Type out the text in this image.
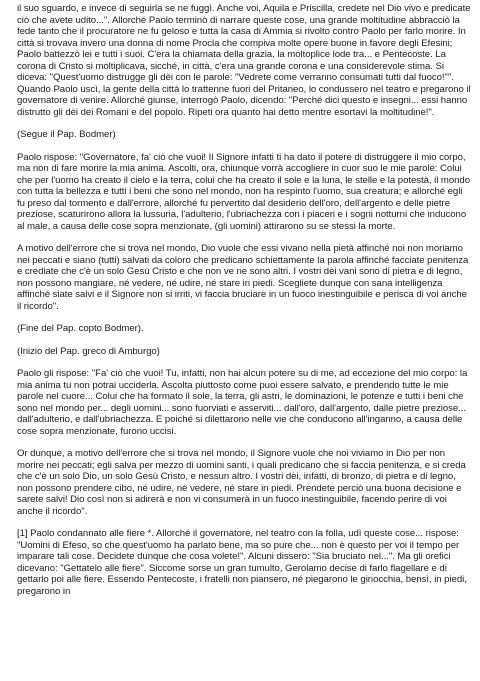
il suo sguardo, e invece di seguirla se ne fuggì. Anche voi, Aquila e Priscilla, credete nel Dio vivo e predicate ciò che avete udito...". Allorché Paolo terminò di narrare queste cose, una grande moltitudine abbracciò la fede tanto che il procuratore ne fu geloso e tutta la casa di Ammia si rivolto contro Paolo per farlo morire. In città si trovava invero una donna di nome Procla che compiva molte opere buone in favore degli Efesini; Paolo battezzò lei e tutti i suoi. C'era la chiamata della grazia, la moltoplice lode tra... e Pentecoste. La corona di Cristo si moltiplicava, sicché, in città, c'era una grande corona e una considerevole stima. Si diceva: "Quest'uomo distrugge gli dèi con le parole: "Vedrete come verranno consumati tutti dal fuoco!"". Quando Paolo uscì, la gente della città lo trattenne fuori del Pritaneo, lo condussero nel teatro e pregarono il governatore di venire. Allorché giunse, interrogò Paolo, dicendo: "Perché dici questo e insegni... essi hanno distrutto gli dèi dei Romani e del popolo. Ripeti ora quanto hai detto mentre esortavi la moltitudine!".

(Segue il Pap. Bodmer)

Paolo rispose: "Governatore, fa' ciò che vuoi! Il Signore infatti ti ha dato il potere di distruggere il mio corpo, ma non di fare morire la mia anima. Ascolti, ora, chiunque vorrà accogliere in cuor suo le mie parole: Colui che per l'uomo ha creato il cielo e la terra, colui che ha creato il sole e la luna, le stelle e la potestà, il mondo con tutta la bellezza e tutti i beni che sono nel mondo, non ha respinto l'uomo, sua creatura; e allorché egli fu preso dal tormento e dall'errore, allorché fu pervertito dal desiderio dell'oro, dell'argento e delle pietre preziose, scaturirono allora la lussuria, l'adulterio, l'ubriachezza con i piaceri e i sogni notturni che inducono al male, a causa delle cose sopra menzionate, (gli uomini) attirarono su se stessi la morte.

A motivo dell'errore che si trova nel mondo, Dio vuole che essi vivano nella pietà affinché noi non moriamo nei peccati e siano (tutti) salvati da coloro che predicano schiettamente la parola affinché facciate penitenza e crediate che c'è un solo Gesù Cristo e che non ve ne sono altri. I vostri dèi vani sono di pietra e di legno, non possono mangiare, né vedere, né udire, né stare in piedi. Scegliete dunque con sana intelligenza affinché siate salvi e il Signore non si irriti, vi faccia bruciare in un fuoco inestinguibile e perisca di voi anche il ricordo".

(Fine del Pap. copto Bodmer).

(Inizio del Pap. greco di Amburgo)

Paolo gli rispose: "Fa' ciò che vuoi! Tu, infatti, non hai alcun potere su di me, ad eccezione del mio corpo: la mia anima tu non potrai ucciderla. Ascolta piuttosto come puoi essere salvato, e prendendo tutte le mie parole nel cuore... Colui che ha formato il sole, la terra, gli astri, le dominazioni, le potenze e tutti i beni che sono nel mondo per... degli uomini... sono fuorviati e asserviti... dall'oro, dall'argento, dalle pietre preziose... dall'adulterio, e dall'ubriachezza. E poiché si dilettarono nelle vie che conducono all'inganno, a causa delle cose sopra menzionate, furono uccisi.

Or dunque, a motivo dell'errore che si trova nel mondo, il Signore vuole che noi viviamo in Dio per non morire nei peccati; egli salva per mezzo di uomini santi, i quali predicano che si faccia penitenza, e si creda che c'è un solo Dio, un solo Gesù Cristo, e nessun altro. I vostri dèi, infatti, di bronzo, di pietra e di legno, non possono prendere cibo, né udire, né vedere, né stare in piedi. Prendete perciò una buona decisione e sarete salvi! Dio così non si adirerà e non vi consumerà in un fuoco inestinguibile, facendo perire di voi anche il ricordo".

[1] Paolo condannato alle fiere *. Allorché il governatore, nel teatro con la folla, udì queste cose... rispose: "Uomini di Efeso, so che quest'uomo ha parlato bene, ma so pure che... non è questo per voi il tempo per imparare tali cose. Decidete dunque che cosa volete!". Alcuni dissero: "Sia bruciato nel...". Ma gli orefici dicevano: "Gettatelo alle fiere". Siccome sorse un gran tumulto, Gerolamo decise di farlo flagellare e di gettarlo poi alle fiere. Essendo Pentecoste, i fratelli non piansero, né piegarono le ginocchia, bensì, in piedi, pregarono in
